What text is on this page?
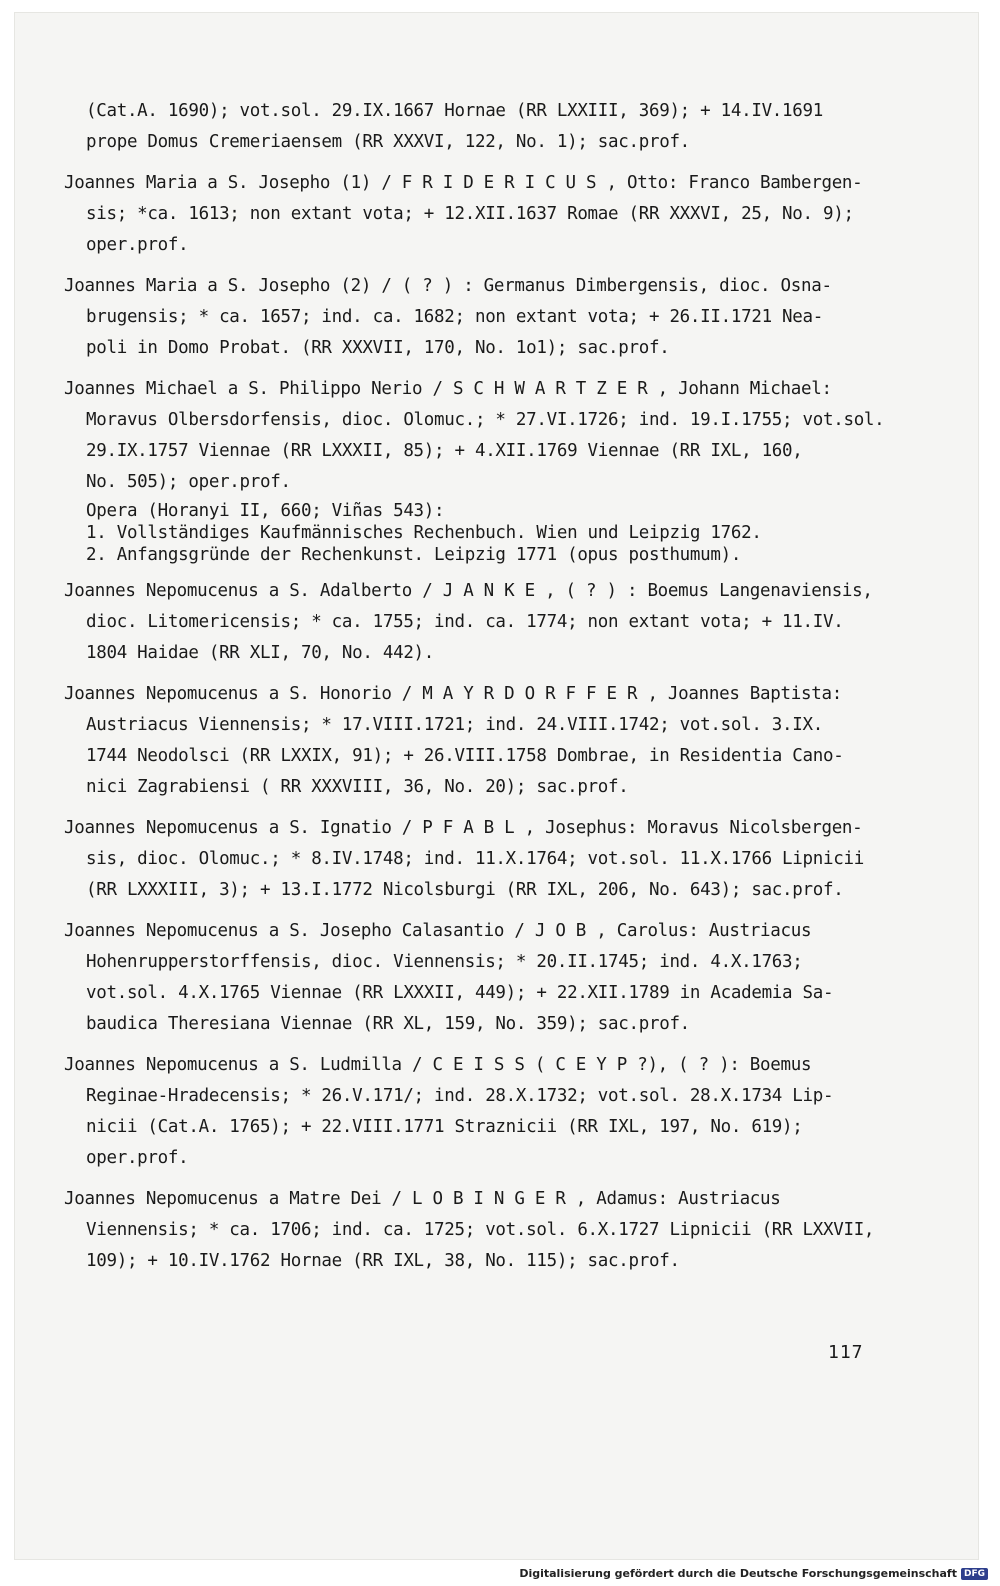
(Cat.A. 1690); vot.sol. 29.IX.1667 Hornae (RR LXXIII, 369); + 14.IV.1691
prope Domus Cremeriaensem (RR XXXVI, 122, No. 1); sac.prof.
Joannes Maria a S. Josepho (1) / F R I D E R I C U S , Otto: Franco Bambergen-
sis; *ca. 1613; non extant vota; + 12.XII.1637 Romae (RR XXXVI, 25, No. 9);
oper.prof.
Joannes Maria a S. Josepho (2) / ( ? ) : Germanus Dimbergensis, dioc. Osna-
brugensis; * ca. 1657; ind. ca. 1682; non extant vota; + 26.II.1721 Nea-
poli in Domo Probat. (RR XXXVII, 170, No. 1o1); sac.prof.
Joannes Michael a S. Philippo Nerio / S C H W A R T Z E R , Johann Michael:
Moravus Olbersdorfensis, dioc. Olomuc.; * 27.VI.1726; ind. 19.I.1755; vot.sol.
29.IX.1757 Viennae (RR LXXXII, 85); + 4.XII.1769 Viennae (RR IXL, 160,
No. 505); oper.prof.
Opera (Horanyi II, 660; Viñas 543):
1. Vollständiges Kaufmännisches Rechenbuch. Wien und Leipzig 1762.
2. Anfangsgründe der Rechenkunst. Leipzig 1771 (opus posthumum).
Joannes Nepomucenus a S. Adalberto / J A N K E , ( ? ) : Boemus Langenaviensis,
dioc. Litomericensis; * ca. 1755; ind. ca. 1774; non extant vota; + 11.IV.
1804 Haidae (RR XLI, 70, No. 442).
Joannes Nepomucenus a S. Honorio / M A Y R D O R F F E R , Joannes Baptista:
Austriacus Viennensis; * 17.VIII.1721; ind. 24.VIII.1742; vot.sol. 3.IX.
1744 Neodolsci (RR LXXIX, 91); + 26.VIII.1758 Dombrae, in Residentia Cano-
nici Zagrabiensi ( RR XXXVIII, 36, No. 20); sac.prof.
Joannes Nepomucenus a S. Ignatio / P F A B L , Josephus: Moravus Nicolsbergen-
sis, dioc. Olomuc.; * 8.IV.1748; ind. 11.X.1764; vot.sol. 11.X.1766 Lipnicii
(RR LXXXIII, 3); + 13.I.1772 Nicolsburgi (RR IXL, 206, No. 643); sac.prof.
Joannes Nepomucenus a S. Josepho Calasantio / J O B , Carolus: Austriacus
Hohenrupperstorffensis, dioc. Viennensis; * 20.II.1745; ind. 4.X.1763;
vot.sol. 4.X.1765 Viennae (RR LXXXII, 449); + 22.XII.1789 in Academia Sa-
baudica Theresiana Viennae (RR XL, 159, No. 359); sac.prof.
Joannes Nepomucenus a S. Ludmilla / C E I S S ( C E Y P ?), ( ? ): Boemus
Reginae-Hradecensis; * 26.V.171/; ind. 28.X.1732; vot.sol. 28.X.1734 Lip-
nicii (Cat.A. 1765); + 22.VIII.1771 Straznicii (RR IXL, 197, No. 619);
oper.prof.
Joannes Nepomucenus a Matre Dei / L O B I N G E R , Adamus: Austriacus
Viennensis; * ca. 1706; ind. ca. 1725; vot.sol. 6.X.1727 Lipnicii (RR LXXVII,
109); + 10.IV.1762 Hornae (RR IXL, 38, No. 115); sac.prof.
117
Digitalisierung gefördert durch die Deutsche Forschungsgemeinschaft DFG
